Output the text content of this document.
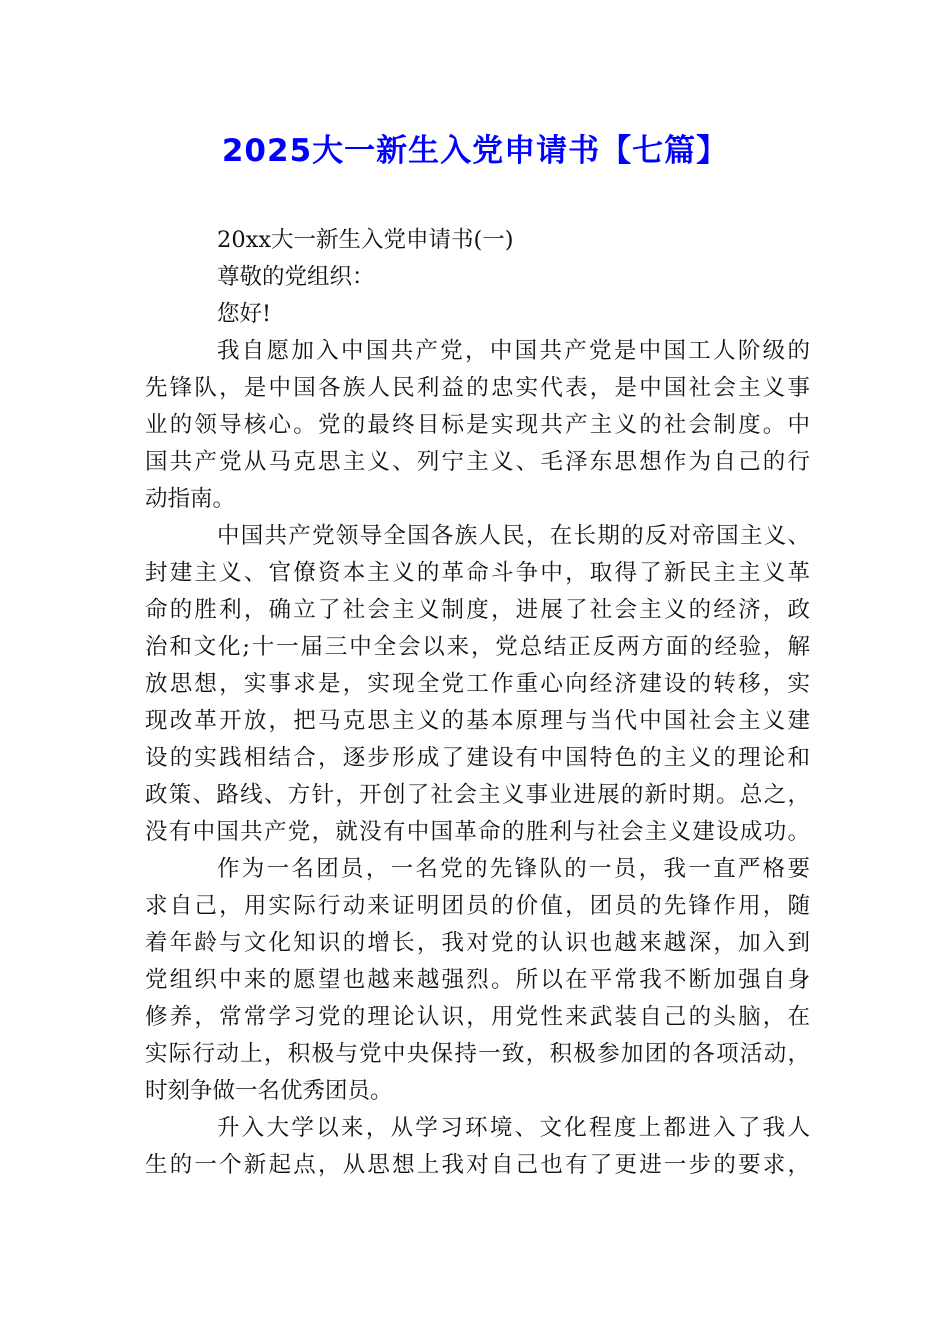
2025大一新生入党申请书【七篇】
20xx大一新生入党申请书(一)
尊敬的党组织：
您好!
我自愿加入中国共产党，中国共产党是中国工人阶级的
先锋队，是中国各族人民利益的忠实代表，是中国社会主义事
业的领导核心。党的最终目标是实现共产主义的社会制度。中
国共产党从马克思主义、列宁主义、毛泽东思想作为自己的行
动指南。
中国共产党领导全国各族人民，在长期的反对帝国主义、
封建主义、官僚资本主义的革命斗争中，取得了新民主主义革
命的胜利，确立了社会主义制度，进展了社会主义的经济，政
治和文化;十一届三中全会以来，党总结正反两方面的经验，解
放思想，实事求是，实现全党工作重心向经济建设的转移，实
现改革开放，把马克思主义的基本原理与当代中国社会主义建
设的实践相结合，逐步形成了建设有中国特色的主义的理论和
政策、路线、方针，开创了社会主义事业进展的新时期。总之，
没有中国共产党，就没有中国革命的胜利与社会主义建设成功。
作为一名团员，一名党的先锋队的一员，我一直严格要
求自己，用实际行动来证明团员的价值，团员的先锋作用，随
着年龄与文化知识的增长，我对党的认识也越来越深，加入到
党组织中来的愿望也越来越强烈。所以在平常我不断加强自身
修养，常常学习党的理论认识，用党性来武装自己的头脑，在
实际行动上，积极与党中央保持一致，积极参加团的各项活动，
时刻争做一名优秀团员。
升入大学以来，从学习环境、文化程度上都进入了我人
生的一个新起点，从思想上我对自己也有了更进一步的要求，
